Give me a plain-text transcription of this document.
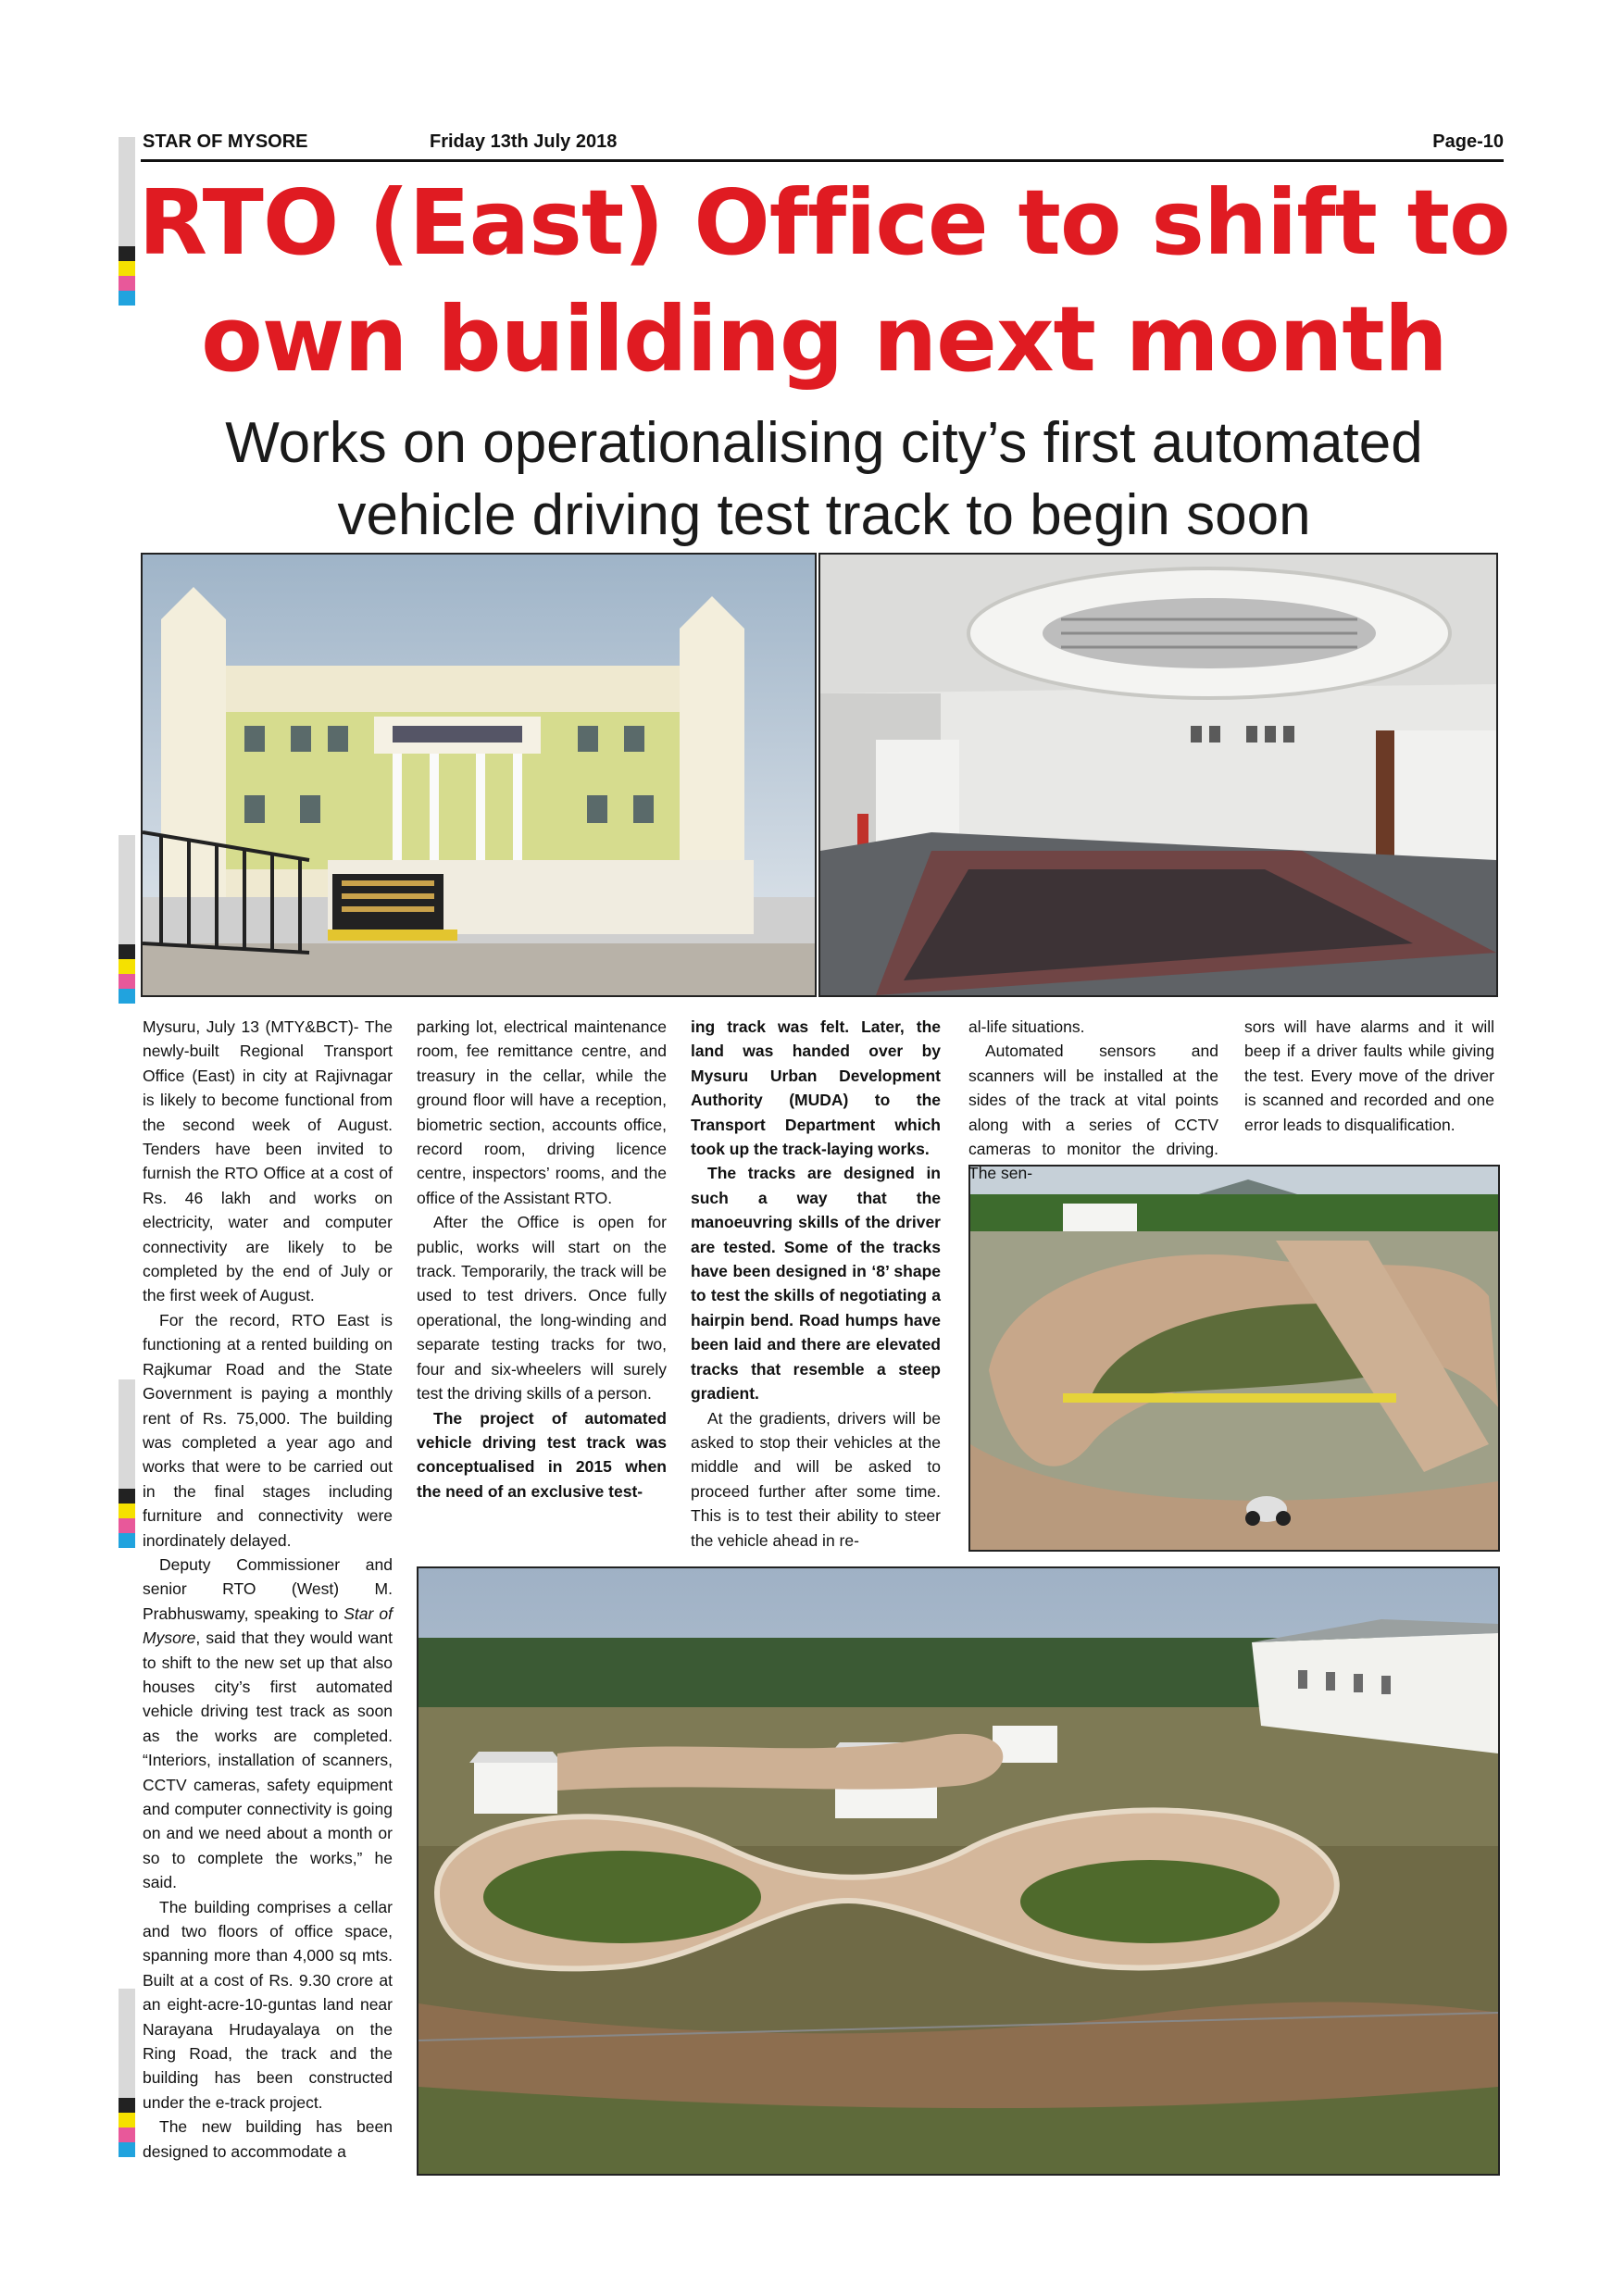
STAR OF MYSORE	Friday 13th July 2018	Page-10
RTO (East) Office to shift to
own building next month
Works on operationalising city’s first automated
vehicle driving test track to begin soon

Mysuru, July 13 (MTY&BCT)- The newly-built Regional Transport Office (East) in city at Rajivnagar is likely to become functional from the second week of August. Tenders have been invited to furnish the RTO Office at a cost of Rs. 46 lakh and works on electricity, water and computer connectivity are likely to be completed by the end of July or the first week of August.

For the record, RTO East is functioning at a rented building on Rajkumar Road and the State Government is paying a monthly rent of Rs. 75,000. The building was completed a year ago and works that were to be carried out in the final stages including furniture and connectivity were inordinately delayed.

Deputy Commissioner and senior RTO (West) M. Prabhuswamy, speaking to Star of Mysore, said that they would want to shift to the new set up that also houses city’s first automated vehicle driving test track as soon as the works are completed. “Interiors, installation of scanners, CCTV cameras, safety equipment and computer connectivity is going on and we need about a month or so to complete the works,” he said.

The building comprises a cellar and two floors of office space, spanning more than 4,000 sq mts. Built at a cost of Rs. 9.30 crore at an eight-acre-10-guntas land near Narayana Hrudayalaya on the Ring Road, the track and the building has been constructed under the e-track project.

The new building has been designed to accommodate a

parking lot, electrical maintenance room, fee remittance centre, and treasury in the cellar, while the ground floor will have a reception, biometric section, accounts office, record room, driving licence centre, inspectors’ rooms, and the office of the Assistant RTO.

After the Office is open for public, works will start on the track. Temporarily, the track will be used to test drivers. Once fully operational, the long-winding and separate testing tracks for two, four and six-wheelers will surely test the driving skills of a person.

The project of automated vehicle driving test track was conceptualised in 2015 when the need of an exclusive test-

ing track was felt. Later, the land was handed over by Mysuru Urban Development Authority (MUDA) to the Transport Department which took up the track-laying works.

The tracks are designed in such a way that the manoeuvring skills of the driver are tested. Some of the tracks have been designed in ‘8’ shape to test the skills of negotiating a hairpin bend. Road humps have been laid and there are elevated tracks that resemble a steep gradient.

At the gradients, drivers will be asked to stop their vehicles at the middle and will be asked to proceed further after some time. This is to test their ability to steer the vehicle ahead in re-

al-life situations.

Automated sensors and scanners will be installed at the sides of the track at vital points along with a series of CCTV cameras to monitor the driving. The sen-

sors will have alarms and it will beep if a driver faults while giving the test. Every move of the driver is scanned and recorded and one error leads to disqualification.
